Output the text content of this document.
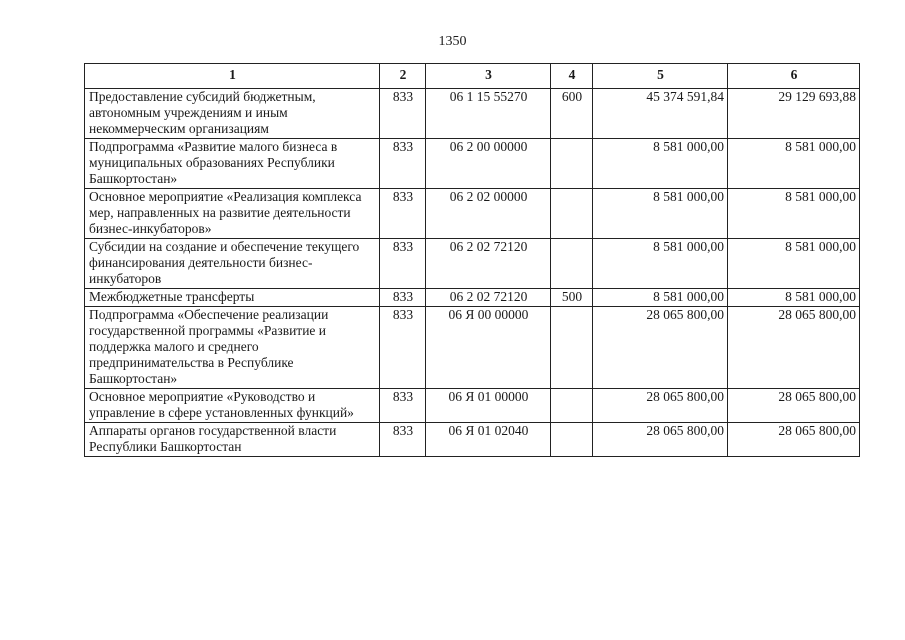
1350
1	2	3	4	5	6
Предоставление субсидий бюджетным, автономным учреждениям и иным некоммерческим организациям	833	06 1 15 55270	600	45 374 591,84	29 129 693,88
Подпрограмма «Развитие малого бизнеса в муниципальных образованиях Республики Башкортостан»	833	06 2 00 00000		8 581 000,00	8 581 000,00
Основное мероприятие «Реализация комплекса мер, направленных на развитие деятельности бизнес-инкубаторов»	833	06 2 02 00000		8 581 000,00	8 581 000,00
Субсидии на создание и обеспечение текущего финансирования деятельности бизнес-инкубаторов	833	06 2 02 72120		8 581 000,00	8 581 000,00
Межбюджетные трансферты	833	06 2 02 72120	500	8 581 000,00	8 581 000,00
Подпрограмма «Обеспечение реализации государственной программы «Развитие и поддержка малого и среднего предпринимательства в Республике Башкортостан»	833	06 Я 00 00000		28 065 800,00	28 065 800,00
Основное мероприятие «Руководство и управление в сфере установленных функций»	833	06 Я 01 00000		28 065 800,00	28 065 800,00
Аппараты органов государственной власти Республики Башкортостан	833	06 Я 01 02040		28 065 800,00	28 065 800,00
